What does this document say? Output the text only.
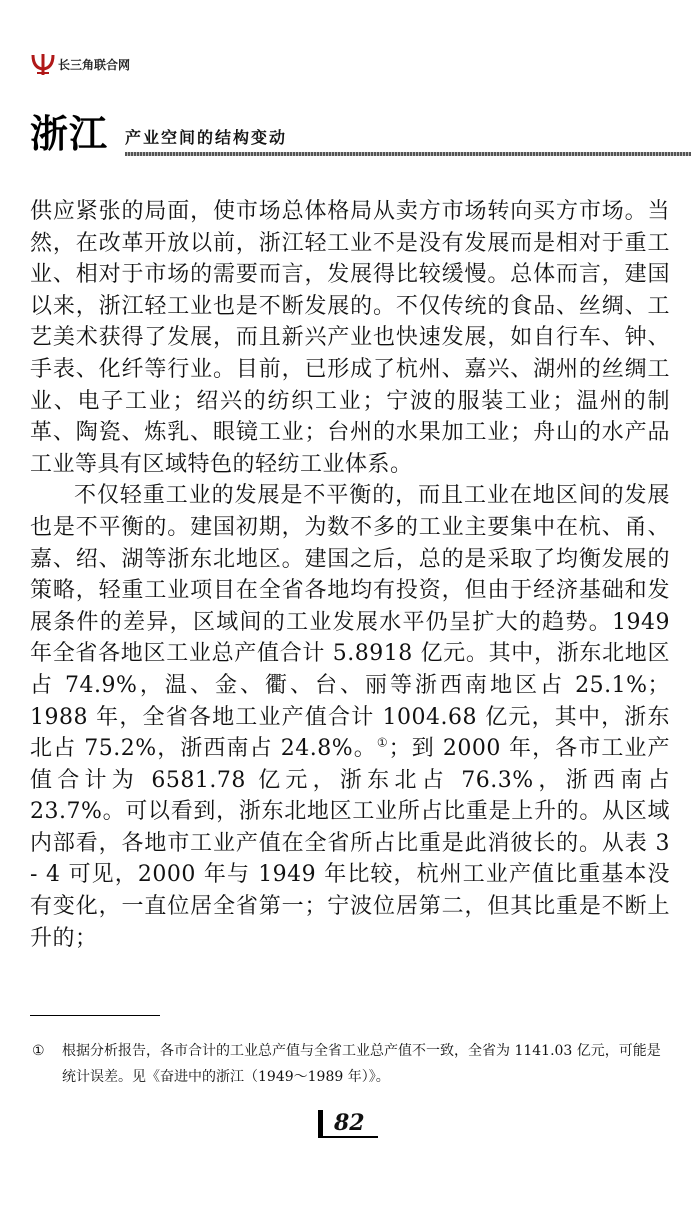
长三角联合网
浙江 产业空间的结构变动

供应紧张的局面，使市场总体格局从卖方市场转向买方市场。当然，在改革开放以前，浙江轻工业不是没有发展而是相对于重工业、相对于市场的需要而言，发展得比较缓慢。总体而言，建国以来，浙江轻工业也是不断发展的。不仅传统的食品、丝绸、工艺美术获得了发展，而且新兴产业也快速发展，如自行车、钟、手表、化纤等行业。目前，已形成了杭州、嘉兴、湖州的丝绸工业、电子工业；绍兴的纺织工业；宁波的服装工业；温州的制革、陶瓷、炼乳、眼镜工业；台州的水果加工业；舟山的水产品工业等具有区域特色的轻纺工业体系。

不仅轻重工业的发展是不平衡的，而且工业在地区间的发展也是不平衡的。建国初期，为数不多的工业主要集中在杭、甬、嘉、绍、湖等浙东北地区。建国之后，总的是采取了均衡发展的策略，轻重工业项目在全省各地均有投资，但由于经济基础和发展条件的差异，区域间的工业发展水平仍呈扩大的趋势。1949 年全省各地区工业总产值合计 5.8918 亿元。其中，浙东北地区占 74.9%，温、金、衢、台、丽等浙西南地区占 25.1%；1988 年，全省各地工业产值合计 1004.68 亿元，其中，浙东北占 75.2%，浙西南占 24.8%。①；到 2000 年，各市工业产值合计为 6581.78 亿元，浙东北占 76.3%，浙西南占 23.7%。可以看到，浙东北地区工业所占比重是上升的。从区域内部看，各地市工业产值在全省所占比重是此消彼长的。从表 3 - 4 可见，2000 年与 1949 年比较，杭州工业产值比重基本没有变化，一直位居全省第一；宁波位居第二，但其比重是不断上升的；

① 根据分析报告，各市合计的工业总产值与全省工业总产值不一致，全省为 1141.03 亿元，可能是统计误差。见《奋进中的浙江（1949～1989 年）》。
82
